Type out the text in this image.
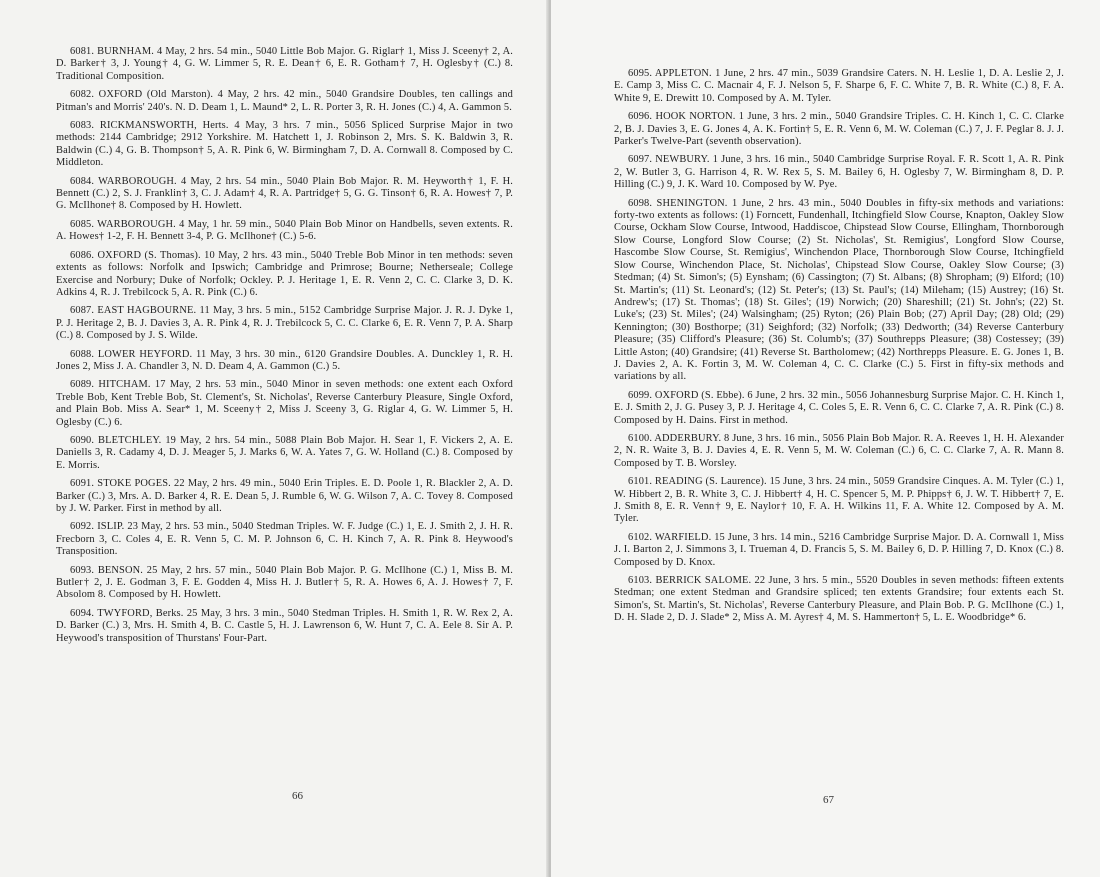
6081. BURNHAM. 4 May, 2 hrs. 54 min., 5040 Little Bob Major. G. Riglar† 1, Miss J. Sceeny† 2, A. D. Barker† 3, J. Young† 4, G. W. Limmer 5, R. E. Dean† 6, E. R. Gotham† 7, H. Oglesby† (C.) 8. Traditional Composition.

6082. OXFORD (Old Marston). 4 May, 2 hrs. 42 min., 5040 Grandsire Doubles, ten callings and Pitman's and Morris' 240's. N. D. Deam 1, L. Maund* 2, L. R. Porter 3, R. H. Jones (C.) 4, A. Gammon 5.

6083. RICKMANSWORTH, Herts. 4 May, 3 hrs. 7 min., 5056 Spliced Surprise Major in two methods: 2144 Cambridge; 2912 Yorkshire. M. Hatchett 1, J. Robinson 2, Mrs. S. K. Baldwin 3, R. Baldwin (C.) 4, G. B. Thompson† 5, A. R. Pink 6, W. Birmingham 7, D. A. Cornwall 8. Composed by C. Middleton.

6084. WARBOROUGH. 4 May, 2 hrs. 54 min., 5040 Plain Bob Major. R. M. Heyworth† 1, F. H. Bennett (C.) 2, S. J. Franklin† 3, C. J. Adam† 4, R. A. Partridge† 5, G. G. Tinson† 6, R. A. Howes† 7, P. G. McIlhone† 8. Composed by H. Howlett.

6085. WARBOROUGH. 4 May, 1 hr. 59 min., 5040 Plain Bob Minor on Handbells, seven extents. R. A. Howes† 1-2, F. H. Bennett 3-4, P. G. McIlhone† (C.) 5-6.

6086. OXFORD (S. Thomas). 10 May, 2 hrs. 43 min., 5040 Treble Bob Minor in ten methods: seven extents as follows: Norfolk and Ipswich; Cambridge and Primrose; Bourne; Netherseale; College Exercise and Norbury; Duke of Norfolk; Ockley. P. J. Heritage 1, E. R. Venn 2, C. C. Clarke 3, D. K. Adkins 4, R. J. Trebilcock 5, A. R. Pink (C.) 6.

6087. EAST HAGBOURNE. 11 May, 3 hrs. 5 min., 5152 Cambridge Surprise Major. J. R. J. Dyke 1, P. J. Heritage 2, B. J. Davies 3, A. R. Pink 4, R. J. Trebilcock 5, C. C. Clarke 6, E. R. Venn 7, P. A. Sharp (C.) 8. Composed by J. S. Wilde.

6088. LOWER HEYFORD. 11 May, 3 hrs. 30 min., 6120 Grandsire Doubles. A. Dunckley 1, R. H. Jones 2, Miss J. A. Chandler 3, N. D. Deam 4, A. Gammon (C.) 5.

6089. HITCHAM. 17 May, 2 hrs. 53 min., 5040 Minor in seven methods: one extent each Oxford Treble Bob, Kent Treble Bob, St. Clement's, St. Nicholas', Reverse Canterbury Pleasure, Single Oxford, and Plain Bob. Miss A. Sear* 1, M. Sceeny† 2, Miss J. Sceeny 3, G. Riglar 4, G. W. Limmer 5, H. Oglesby (C.) 6.

6090. BLETCHLEY. 19 May, 2 hrs. 54 min., 5088 Plain Bob Major. H. Sear 1, F. Vickers 2, A. E. Daniells 3, R. Cadamy 4, D. J. Meager 5, J. Marks 6, W. A. Yates 7, G. W. Holland (C.) 8. Composed by E. Morris.

6091. STOKE POGES. 22 May, 2 hrs. 49 min., 5040 Erin Triples. E. D. Poole 1, R. Blackler 2, A. D. Barker (C.) 3, Mrs. A. D. Barker 4, R. E. Dean 5, J. Rumble 6, W. G. Wilson 7, A. C. Tovey 8. Composed by J. W. Parker. First in method by all.

6092. ISLIP. 23 May, 2 hrs. 53 min., 5040 Stedman Triples. W. F. Judge (C.) 1, E. J. Smith 2, J. H. R. Frecborn 3, C. Coles 4, E. R. Venn 5, C. M. P. Johnson 6, C. H. Kinch 7, A. R. Pink 8. Heywood's Transposition.

6093. BENSON. 25 May, 2 hrs. 57 min., 5040 Plain Bob Major. P. G. McIlhone (C.) 1, Miss B. M. Butler† 2, J. E. Godman 3, F. E. Godden 4, Miss H. J. Butler† 5, R. A. Howes 6, A. J. Howes† 7, F. Absolom 8. Composed by H. Howlett.

6094. TWYFORD, Berks. 25 May, 3 hrs. 3 min., 5040 Stedman Triples. H. Smith 1, R. W. Rex 2, A. D. Barker (C.) 3, Mrs. H. Smith 4, B. C. Castle 5, H. J. Lawrenson 6, W. Hunt 7, C. A. Eele 8. Sir A. P. Heywood's transposition of Thurstans' Four-Part.

66

6095. APPLETON. 1 June, 2 hrs. 47 min., 5039 Grandsire Caters. N. H. Leslie 1, D. A. Leslie 2, J. E. Camp 3, Miss C. C. Macnair 4, F. J. Nelson 5, F. Sharpe 6, F. C. White 7, B. R. White (C.) 8, F. A. White 9, E. Drewitt 10. Composed by A. M. Tyler.

6096. HOOK NORTON. 1 June, 3 hrs. 2 min., 5040 Grandsire Triples. C. H. Kinch 1, C. C. Clarke 2, B. J. Davies 3, E. G. Jones 4, A. K. Fortin† 5, E. R. Venn 6, M. W. Coleman (C.) 7, J. F. Peglar 8. J. J. Parker's Twelve-Part (seventh observation).

6097. NEWBURY. 1 June, 3 hrs. 16 min., 5040 Cambridge Surprise Royal. F. R. Scott 1, A. R. Pink 2, W. Butler 3, G. Harrison 4, R. W. Rex 5, S. M. Bailey 6, H. Oglesby 7, W. Birmingham 8, D. P. Hilling (C.) 9, J. K. Ward 10. Composed by W. Pye.

6098. SHENINGTON. 1 June, 2 hrs. 43 min., 5040 Doubles in fifty-six methods and variations: forty-two extents as follows: (1) Forncett, Fundenhall, Itchingfield Slow Course, Knapton, Oakley Slow Course, Ockham Slow Course, Intwood, Haddiscoe, Chipstead Slow Course, Ellingham, Thornborough Slow Course, Longford Slow Course; (2) St. Nicholas', St. Remigius', Longford Slow Course, Hascombe Slow Course, St. Remigius', Winchendon Place, Thornborough Slow Course, Itchingfield Slow Course, Winchendon Place, St. Nicholas', Chipstead Slow Course, Oakley Slow Course; (3) Stedman; (4) St. Simon's; (5) Eynsham; (6) Cassington; (7) St. Albans; (8) Shropham; (9) Elford; (10) St. Martin's; (11) St. Leonard's; (12) St. Peter's; (13) St. Paul's; (14) Mileham; (15) Austrey; (16) St. Andrew's; (17) St. Thomas'; (18) St. Giles'; (19) Norwich; (20) Shareshill; (21) St. John's; (22) St. Luke's; (23) St. Miles'; (24) Walsingham; (25) Ryton; (26) Plain Bob; (27) April Day; (28) Old; (29) Kennington; (30) Bosthorpe; (31) Seighford; (32) Norfolk; (33) Dedworth; (34) Reverse Canterbury Pleasure; (35) Clifford's Pleasure; (36) St. Columb's; (37) Southrepps Pleasure; (38) Costessey; (39) Little Aston; (40) Grandsire; (41) Reverse St. Bartholomew; (42) Northrepps Pleasure. E. G. Jones 1, B. J. Davies 2, A. K. Fortin 3, M. W. Coleman 4, C. C. Clarke (C.) 5. First in fifty-six methods and variations by all.

6099. OXFORD (S. Ebbe). 6 June, 2 hrs. 32 min., 5056 Johannesburg Surprise Major. C. H. Kinch 1, E. J. Smith 2, J. G. Pusey 3, P. J. Heritage 4, C. Coles 5, E. R. Venn 6, C. C. Clarke 7, A. R. Pink (C.) 8. Composed by H. Dains. First in method.

6100. ADDERBURY. 8 June, 3 hrs. 16 min., 5056 Plain Bob Major. R. A. Reeves 1, H. H. Alexander 2, N. R. Waite 3, B. J. Davies 4, E. R. Venn 5, M. W. Coleman (C.) 6, C. C. Clarke 7, A. R. Mann 8. Composed by T. B. Worsley.

6101. READING (S. Laurence). 15 June, 3 hrs. 24 min., 5059 Grandsire Cinques. A. M. Tyler (C.) 1, W. Hibbert 2, B. R. White 3, C. J. Hibbert† 4, H. C. Spencer 5, M. P. Phipps† 6, J. W. T. Hibbert† 7, E. J. Smith 8, E. R. Venn† 9, E. Naylor† 10, F. A. H. Wilkins 11, F. A. White 12. Composed by A. M. Tyler.

6102. WARFIELD. 15 June, 3 hrs. 14 min., 5216 Cambridge Surprise Major. D. A. Cornwall 1, Miss J. I. Barton 2, J. Simmons 3, I. Trueman 4, D. Francis 5, S. M. Bailey 6, D. P. Hilling 7, D. Knox (C.) 8. Composed by D. Knox.

6103. BERRICK SALOME. 22 June, 3 hrs. 5 min., 5520 Doubles in seven methods: fifteen extents Stedman; one extent Stedman and Grandsire spliced; ten extents Grandsire; four extents each St. Simon's, St. Martin's, St. Nicholas', Reverse Canterbury Pleasure, and Plain Bob. P. G. McIlhone (C.) 1, D. H. Slade 2, D. J. Slade* 2, Miss A. M. Ayres† 4, M. S. Hammerton† 5, L. E. Woodbridge* 6.

67
